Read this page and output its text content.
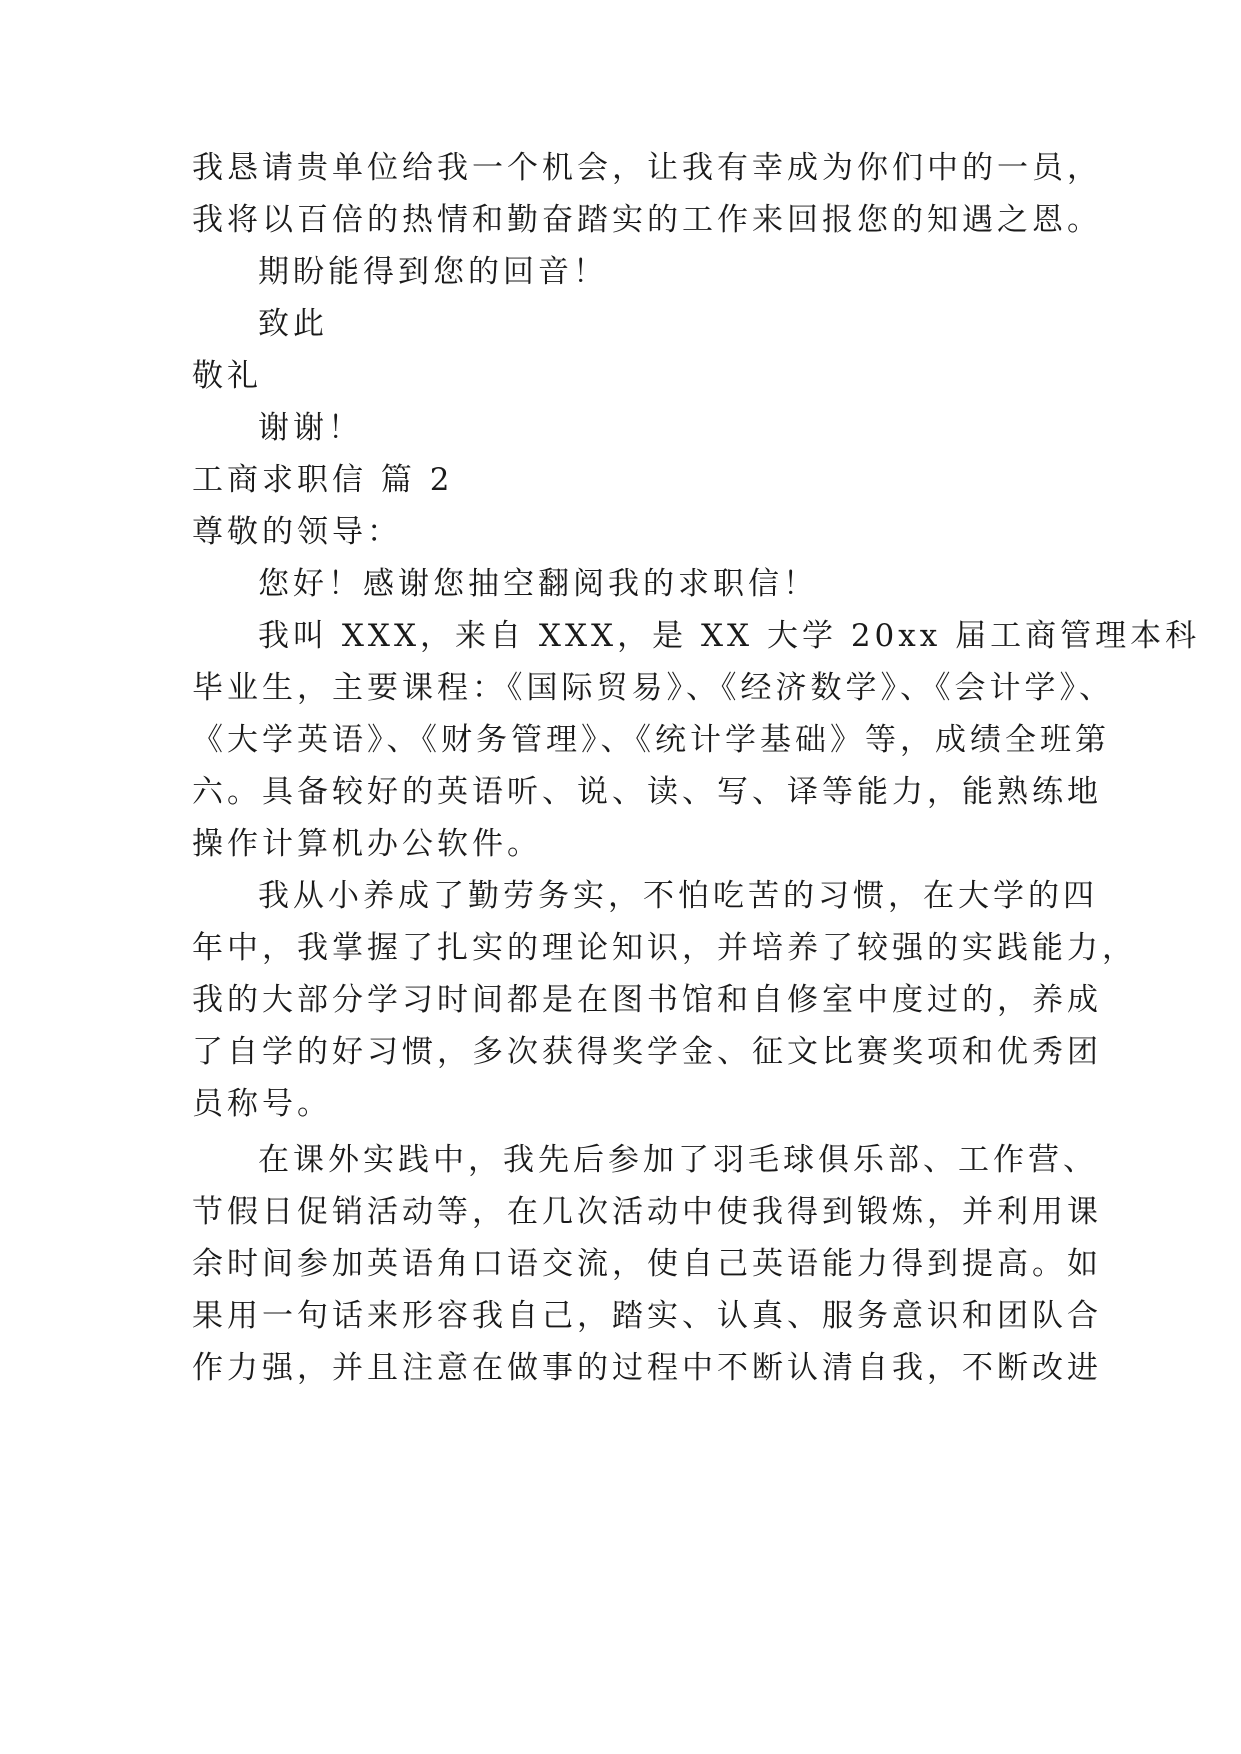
我恳请贵单位给我一个机会，让我有幸成为你们中的一员，
我将以百倍的热情和勤奋踏实的工作来回报您的知遇之恩。
期盼能得到您的回音！
致此
敬礼
谢谢！
工商求职信 篇 2
尊敬的领导：
您好！感谢您抽空翻阅我的求职信！
我叫 XXX，来自 XXX，是 XX 大学 20xx 届工商管理本科
毕业生，主要课程：《国际贸易》、《经济数学》、《会计学》、
《大学英语》、《财务管理》、《统计学基础》等，成绩全班第
六。具备较好的英语听、说、读、写、译等能力，能熟练地
操作计算机办公软件。
我从小养成了勤劳务实，不怕吃苦的习惯，在大学的四
年中，我掌握了扎实的理论知识，并培养了较强的实践能力，
我的大部分学习时间都是在图书馆和自修室中度过的，养成
了自学的好习惯，多次获得奖学金、征文比赛奖项和优秀团
员称号。
在课外实践中，我先后参加了羽毛球俱乐部、工作营、
节假日促销活动等，在几次活动中使我得到锻炼，并利用课
余时间参加英语角口语交流，使自己英语能力得到提高。如
果用一句话来形容我自己，踏实、认真、服务意识和团队合
作力强，并且注意在做事的过程中不断认清自我，不断改进
